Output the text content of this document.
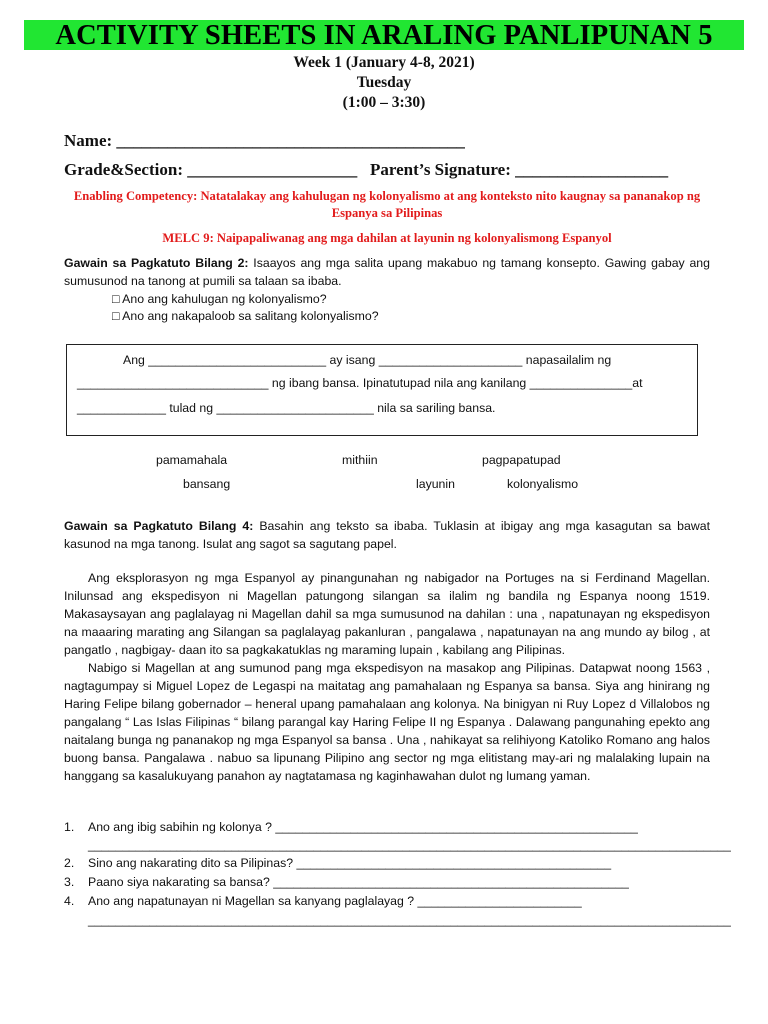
ACTIVITY SHEETS IN ARALING PANLIPUNAN 5
Week 1 (January 4-8, 2021)
Tuesday
(1:00 – 3:30)
Name: _________________________________________
Grade&Section: ____________________ Parent’s Signature: __________________
Enabling Competency: Natatalakay ang kahulugan ng kolonyalismo at ang konteksto nito kaugnay sa pananakop ng Espanya sa Pilipinas
MELC 9: Naipapaliwanag ang mga dahilan at layunin ng kolonyalismong Espanyol
Gawain sa Pagkatuto Bilang 2: Isaayos ang mga salita upang makabuo ng tamang konsepto. Gawing gabay ang sumusunod na tanong at pumili sa talaan sa ibaba.
□ Ano ang kahulugan ng kolonyalismo?
□ Ano ang nakapaloob sa salitang kolonyalismo?
Ang __________________________ ay isang _____________________ napasailalim ng
____________________________ ng ibang bansa. Ipinatutupad nila ang kanilang _______________at
_____________ tulad ng _______________________ nila sa sariling bansa.
pamamahala	mithiin	pagpapatupad
bansang	layunin	kolonyalismo
Gawain sa Pagkatuto Bilang 4: Basahin ang teksto sa ibaba. Tuklasin at ibigay ang mga kasagutan sa bawat kasunod na mga tanong. Isulat ang sagot sa sagutang papel.
Ang eksplorasyon ng mga Espanyol ay pinangunahan ng nabigador na Portuges na si Ferdinand Magellan. Inilunsad ang ekspedisyon ni Magellan patungong silangan sa ilalim ng bandila ng Espanya noong 1519. Makasaysayan ang paglalayag ni Magellan dahil sa mga sumusunod na dahilan : una , napatunayan ng ekspedisyon na maaaring marating ang Silangan sa paglalayag pakanluran , pangalawa , napatunayan na ang mundo ay bilog , at pangatlo , nagbigay- daan ito sa pagkakatuklas ng maraming lupain , kabilang ang Pilipinas.
Nabigo si Magellan at ang sumunod pang mga ekspedisyon na masakop ang Pilipinas. Datapwat noong 1563 , nagtagumpay si Miguel Lopez de Legaspi na maitatag ang pamahalaan ng Espanya sa bansa. Siya ang hinirang ng Haring Felipe bilang gobernador – heneral upang pamahalaan ang kolonya. Na binigyan ni Ruy Lopez d Villalobos ng pangalang “ Las Islas Filipinas “ bilang parangal kay Haring Felipe II ng Espanya . Dalawang pangunahing epekto ang naitalang bunga ng pananakop ng mga Espanyol sa bansa . Una , nahikayat sa relihiyong Katoliko Romano ang halos buong bansa. Pangalawa . nabuo sa lipunang Pilipino ang sector ng mga elitistang may-ari ng malalaking lupain na hanggang sa kasalukuyang panahon ay nagtatamasa ng kaginhawahan dulot ng lumang yaman.
1. Ano ang ibig sabihin ng kolonya ? _____________________________________________________
______________________________________________________________________________________________
2. Sino ang nakarating dito sa Pilipinas? ______________________________________________
3. Paano siya nakarating sa bansa? ____________________________________________________
4. Ano ang napatunayan ni Magellan sa kanyang paglalayag ? ________________________
______________________________________________________________________________________________
